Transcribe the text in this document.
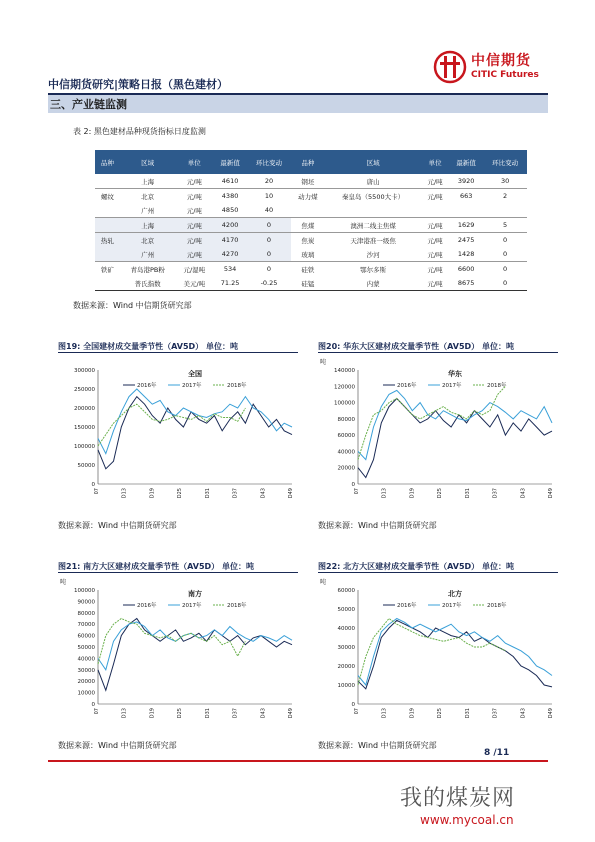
中信期货
CITIC Futures
中信期货研究|策略日报（黑色建材）
三、产业链监测
表 2: 黑色建材品种现货指标日度监测
品种	区域	单位	最新值	环比变动	品种	区域	单位	最新值	环比变动
	上海	元/吨	4610	20	钢坯	唐山	元/吨	3920	30
螺纹	北京	元/吨	4380	10	动力煤	秦皇岛（5500大卡）	元/吨	663	2
	广州	元/吨	4850	40					
	上海	元/吨	4200	0	焦煤	澳洲二线主焦煤	元/吨	1629	5
热轧	北京	元/吨	4170	0	焦炭	天津港准一级焦	元/吨	2475	0
	广州	元/吨	4270	0	玻璃	沙河	元/吨	1428	0
铁矿	青岛港PB粉	元/湿吨	534	0	硅铁	鄂尔多斯	元/吨	6600	0
	普氏指数	美元/吨	71.25	-0.25	硅锰	内蒙	元/吨	8675	0
数据来源：Wind 中信期货研究部
图19: 全国建材成交量季节性（AV5D） 单位：吨	图20: 华东大区建材成交量季节性（AV5D） 单位：吨
0
50000
100000
150000
200000
250000
300000	全国
2016年	2017年	2018年
07	D13	D19	D25	D31	D37	D43	D49
吨
0
20000
40000
60000
80000
100000
120000
140000	华东
2016年	2017年	2018年
07	D13	D19	D25	D31	D37	D43	D49
数据来源：Wind 中信期货研究部	数据来源：Wind 中信期货研究部
图21: 南方大区建材成交量季节性（AV5D） 单位：吨	图22: 北方大区建材成交量季节性（AV5D） 单位：吨
吨
0
10000
20000
30000
40000
50000
60000
70000
80000
90000
100000	南方
2016年	2017年	2018年
07	D13	D19	D25	D31	D37	D43	D49
吨
0
10000
20000
30000
40000
50000
60000	北方
2016年	2017年	2018年
07	D13	D19	D25	D31	D37	D43	D49
数据来源：Wind 中信期货研究部	数据来源：Wind 中信期货研究部
8 /11
我的煤炭网
www.mycoal.cn
